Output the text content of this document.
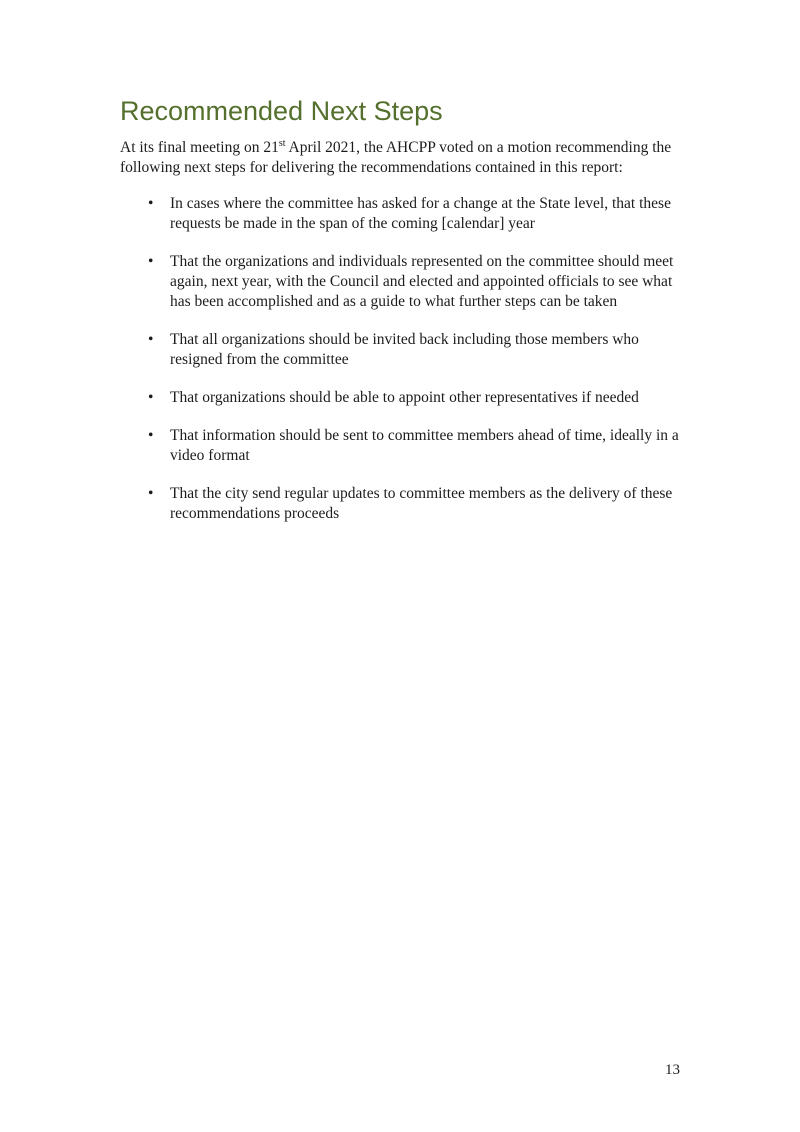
Recommended Next Steps

At its final meeting on 21st April 2021, the AHCPP voted on a motion recommending the following next steps for delivering the recommendations contained in this report:

• In cases where the committee has asked for a change at the State level, that these requests be made in the span of the coming [calendar] year
• That the organizations and individuals represented on the committee should meet again, next year, with the Council and elected and appointed officials to see what has been accomplished and as a guide to what further steps can be taken
• That all organizations should be invited back including those members who resigned from the committee
• That organizations should be able to appoint other representatives if needed
• That information should be sent to committee members ahead of time, ideally in a video format
• That the city send regular updates to committee members as the delivery of these recommendations proceeds
13
